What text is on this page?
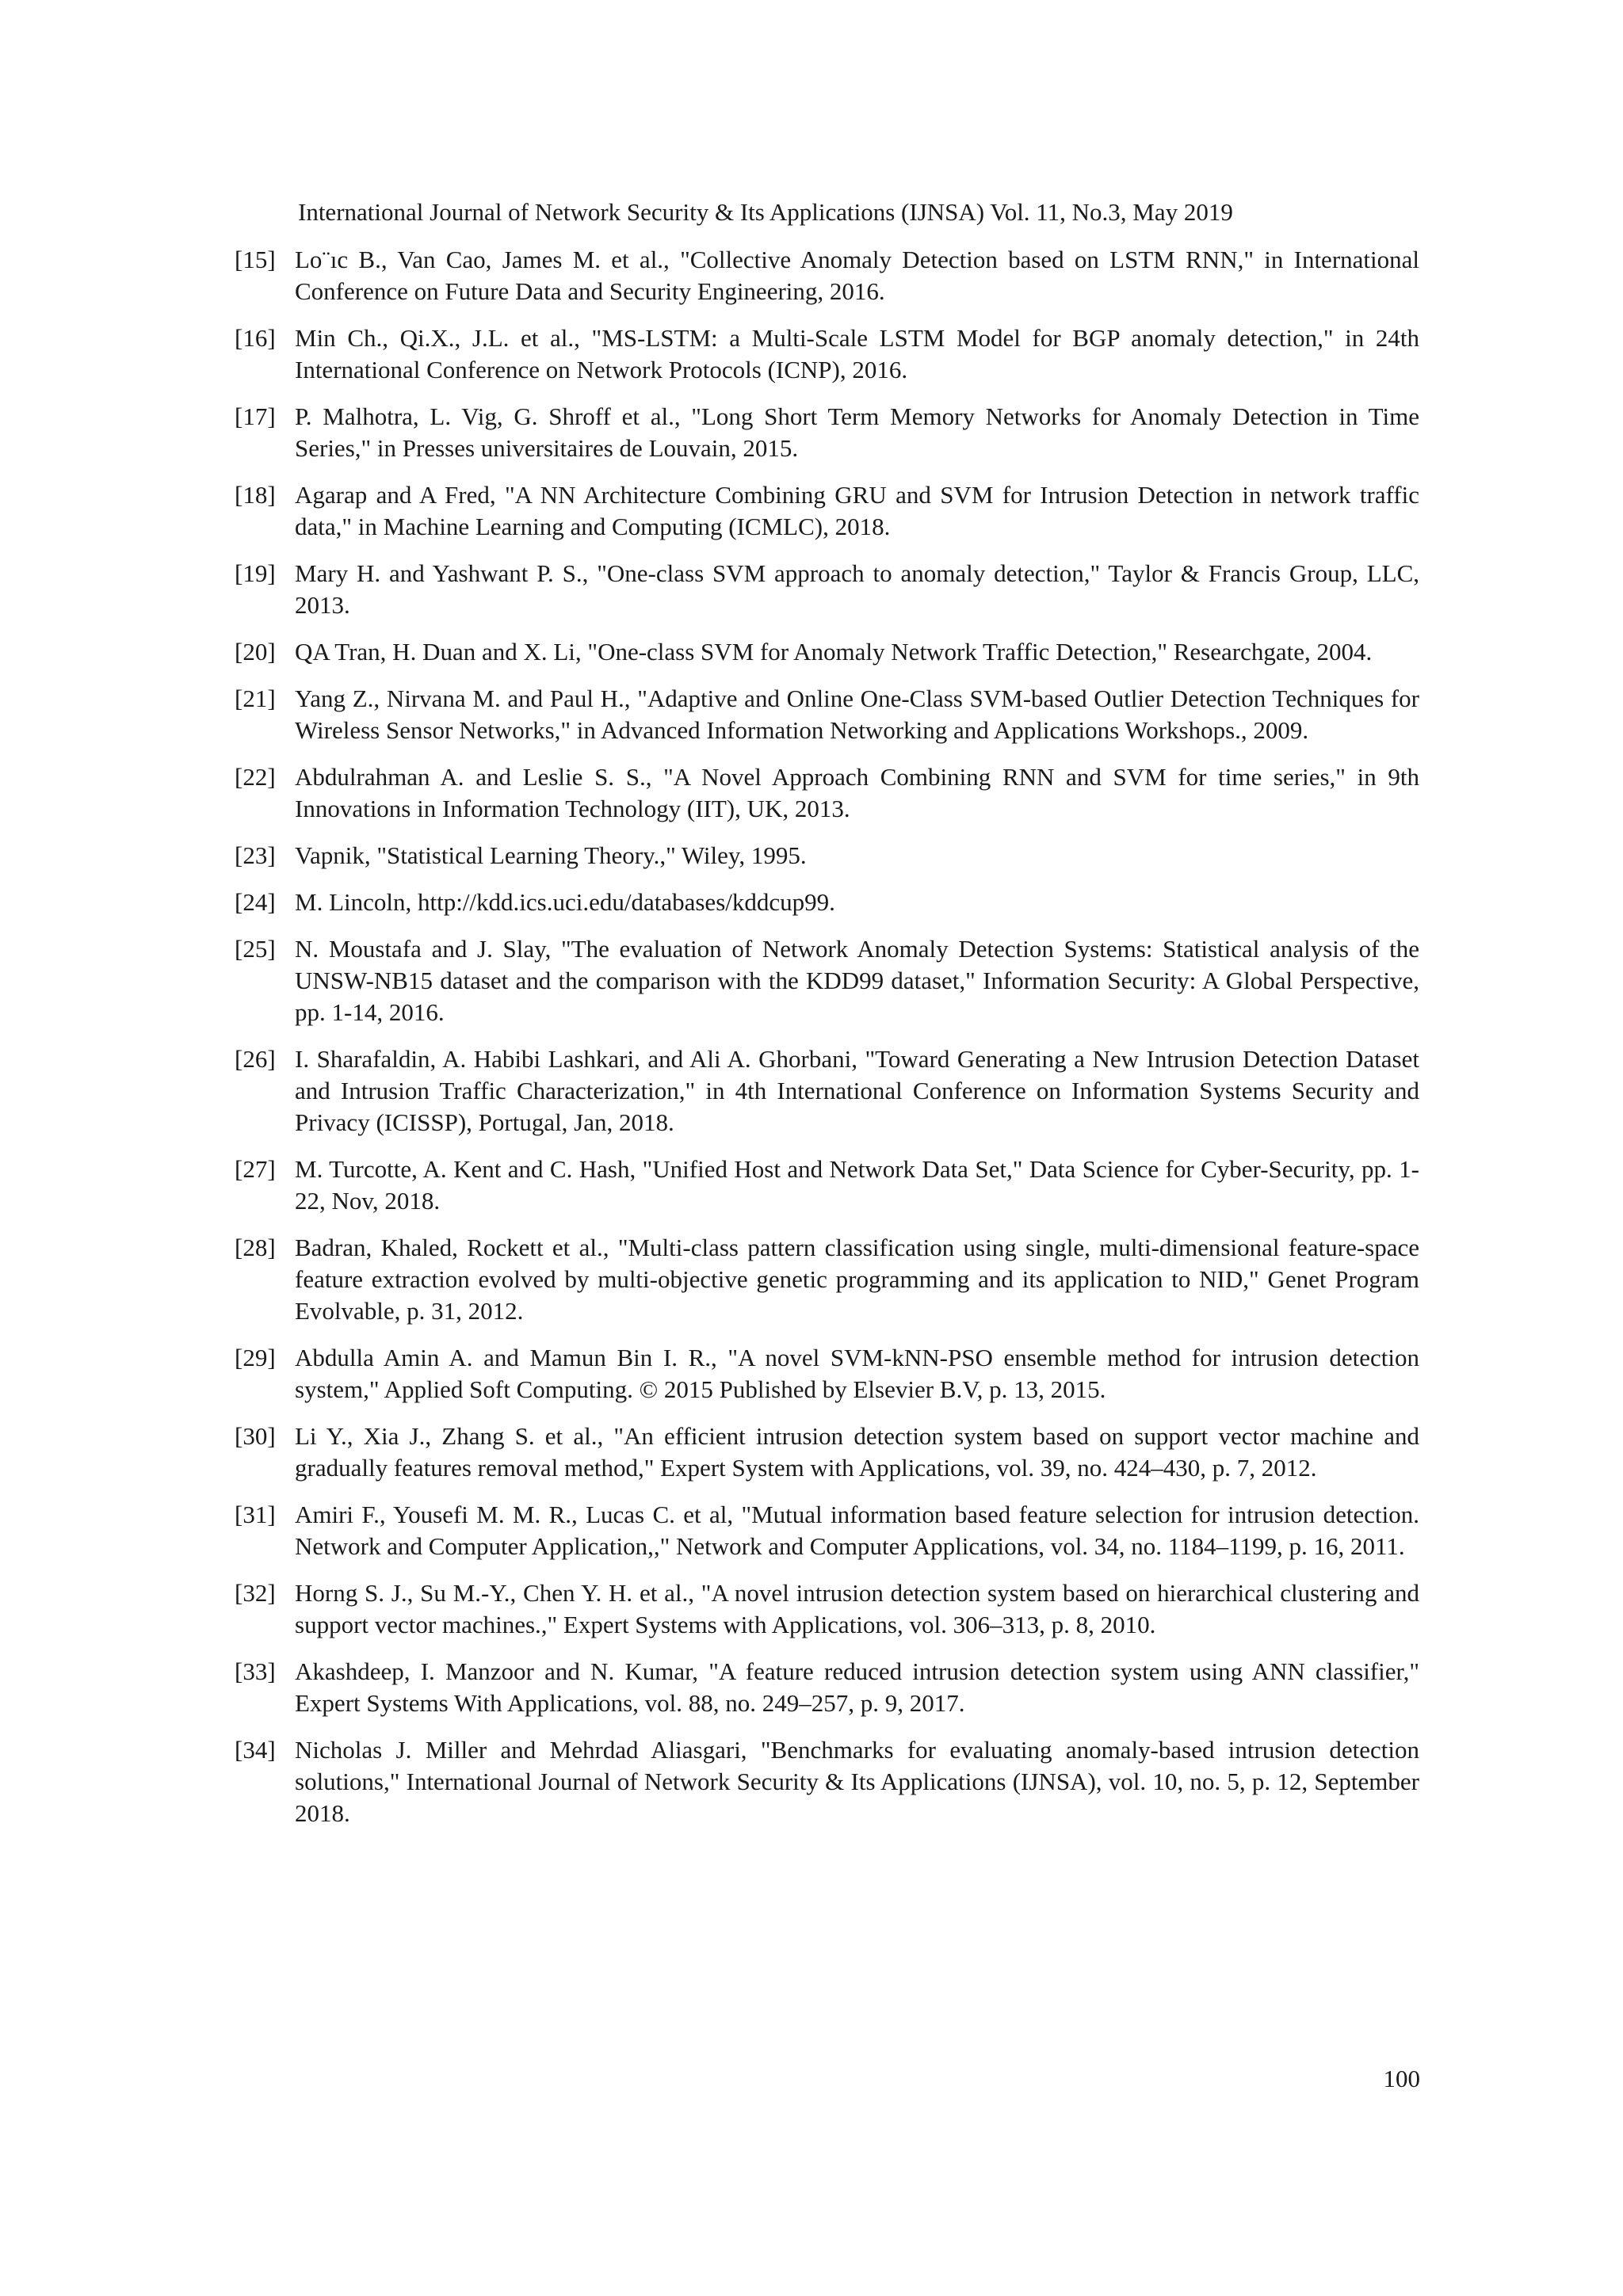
International Journal of Network Security & Its Applications (IJNSA) Vol. 11, No.3, May 2019
[15] Lo¨ıc B., Van Cao, James M. et al., "Collective Anomaly Detection based on LSTM RNN," in International Conference on Future Data and Security Engineering, 2016.
[16] Min Ch., Qi.X., J.L. et al., "MS-LSTM: a Multi-Scale LSTM Model for BGP anomaly detection," in 24th International Conference on Network Protocols (ICNP), 2016.
[17] P. Malhotra, L. Vig, G. Shroff et al., "Long Short Term Memory Networks for Anomaly Detection in Time Series," in Presses universitaires de Louvain, 2015.
[18] Agarap and A Fred, "A NN Architecture Combining GRU and SVM for Intrusion Detection in network traffic data," in Machine Learning and Computing (ICMLC), 2018.
[19] Mary H. and Yashwant P. S., "One-class SVM approach to anomaly detection," Taylor & Francis Group, LLC, 2013.
[20] QA Tran, H. Duan and X. Li, "One-class SVM for Anomaly Network Traffic Detection," Researchgate, 2004.
[21] Yang Z., Nirvana M. and Paul H., "Adaptive and Online One-Class SVM-based Outlier Detection Techniques for Wireless Sensor Networks," in Advanced Information Networking and Applications Workshops., 2009.
[22] Abdulrahman A. and Leslie S. S., "A Novel Approach Combining RNN and SVM for time series," in 9th Innovations in Information Technology (IIT), UK, 2013.
[23] Vapnik, "Statistical Learning Theory.," Wiley, 1995.
[24] M. Lincoln, http://kdd.ics.uci.edu/databases/kddcup99.
[25] N. Moustafa and J. Slay, "The evaluation of Network Anomaly Detection Systems: Statistical analysis of the UNSW-NB15 dataset and the comparison with the KDD99 dataset," Information Security: A Global Perspective, pp. 1-14, 2016.
[26] I. Sharafaldin, A. Habibi Lashkari, and Ali A. Ghorbani, "Toward Generating a New Intrusion Detection Dataset and Intrusion Traffic Characterization," in 4th International Conference on Information Systems Security and Privacy (ICISSP), Portugal, Jan, 2018.
[27] M. Turcotte, A. Kent and C. Hash, "Unified Host and Network Data Set," Data Science for Cyber-Security, pp. 1-22, Nov, 2018.
[28] Badran, Khaled, Rockett et al., "Multi-class pattern classification using single, multi-dimensional feature-space feature extraction evolved by multi-objective genetic programming and its application to NID," Genet Program Evolvable, p. 31, 2012.
[29] Abdulla Amin A. and Mamun Bin I. R., "A novel SVM-kNN-PSO ensemble method for intrusion detection system," Applied Soft Computing. © 2015 Published by Elsevier B.V, p. 13, 2015.
[30] Li Y., Xia J., Zhang S. et al., "An efficient intrusion detection system based on support vector machine and gradually features removal method," Expert System with Applications, vol. 39, no. 424–430, p. 7, 2012.
[31] Amiri F., Yousefi M. M. R., Lucas C. et al, "Mutual information based feature selection for intrusion detection. Network and Computer Application,," Network and Computer Applications, vol. 34, no. 1184–1199, p. 16, 2011.
[32] Horng S. J., Su M.-Y., Chen Y. H. et al., "A novel intrusion detection system based on hierarchical clustering and support vector machines.," Expert Systems with Applications, vol. 306–313, p. 8, 2010.
[33] Akashdeep, I. Manzoor and N. Kumar, "A feature reduced intrusion detection system using ANN classifier," Expert Systems With Applications, vol. 88, no. 249–257, p. 9, 2017.
[34] Nicholas J. Miller and Mehrdad Aliasgari, "Benchmarks for evaluating anomaly-based intrusion detection solutions," International Journal of Network Security & Its Applications (IJNSA), vol. 10, no. 5, p. 12, September 2018.
100
